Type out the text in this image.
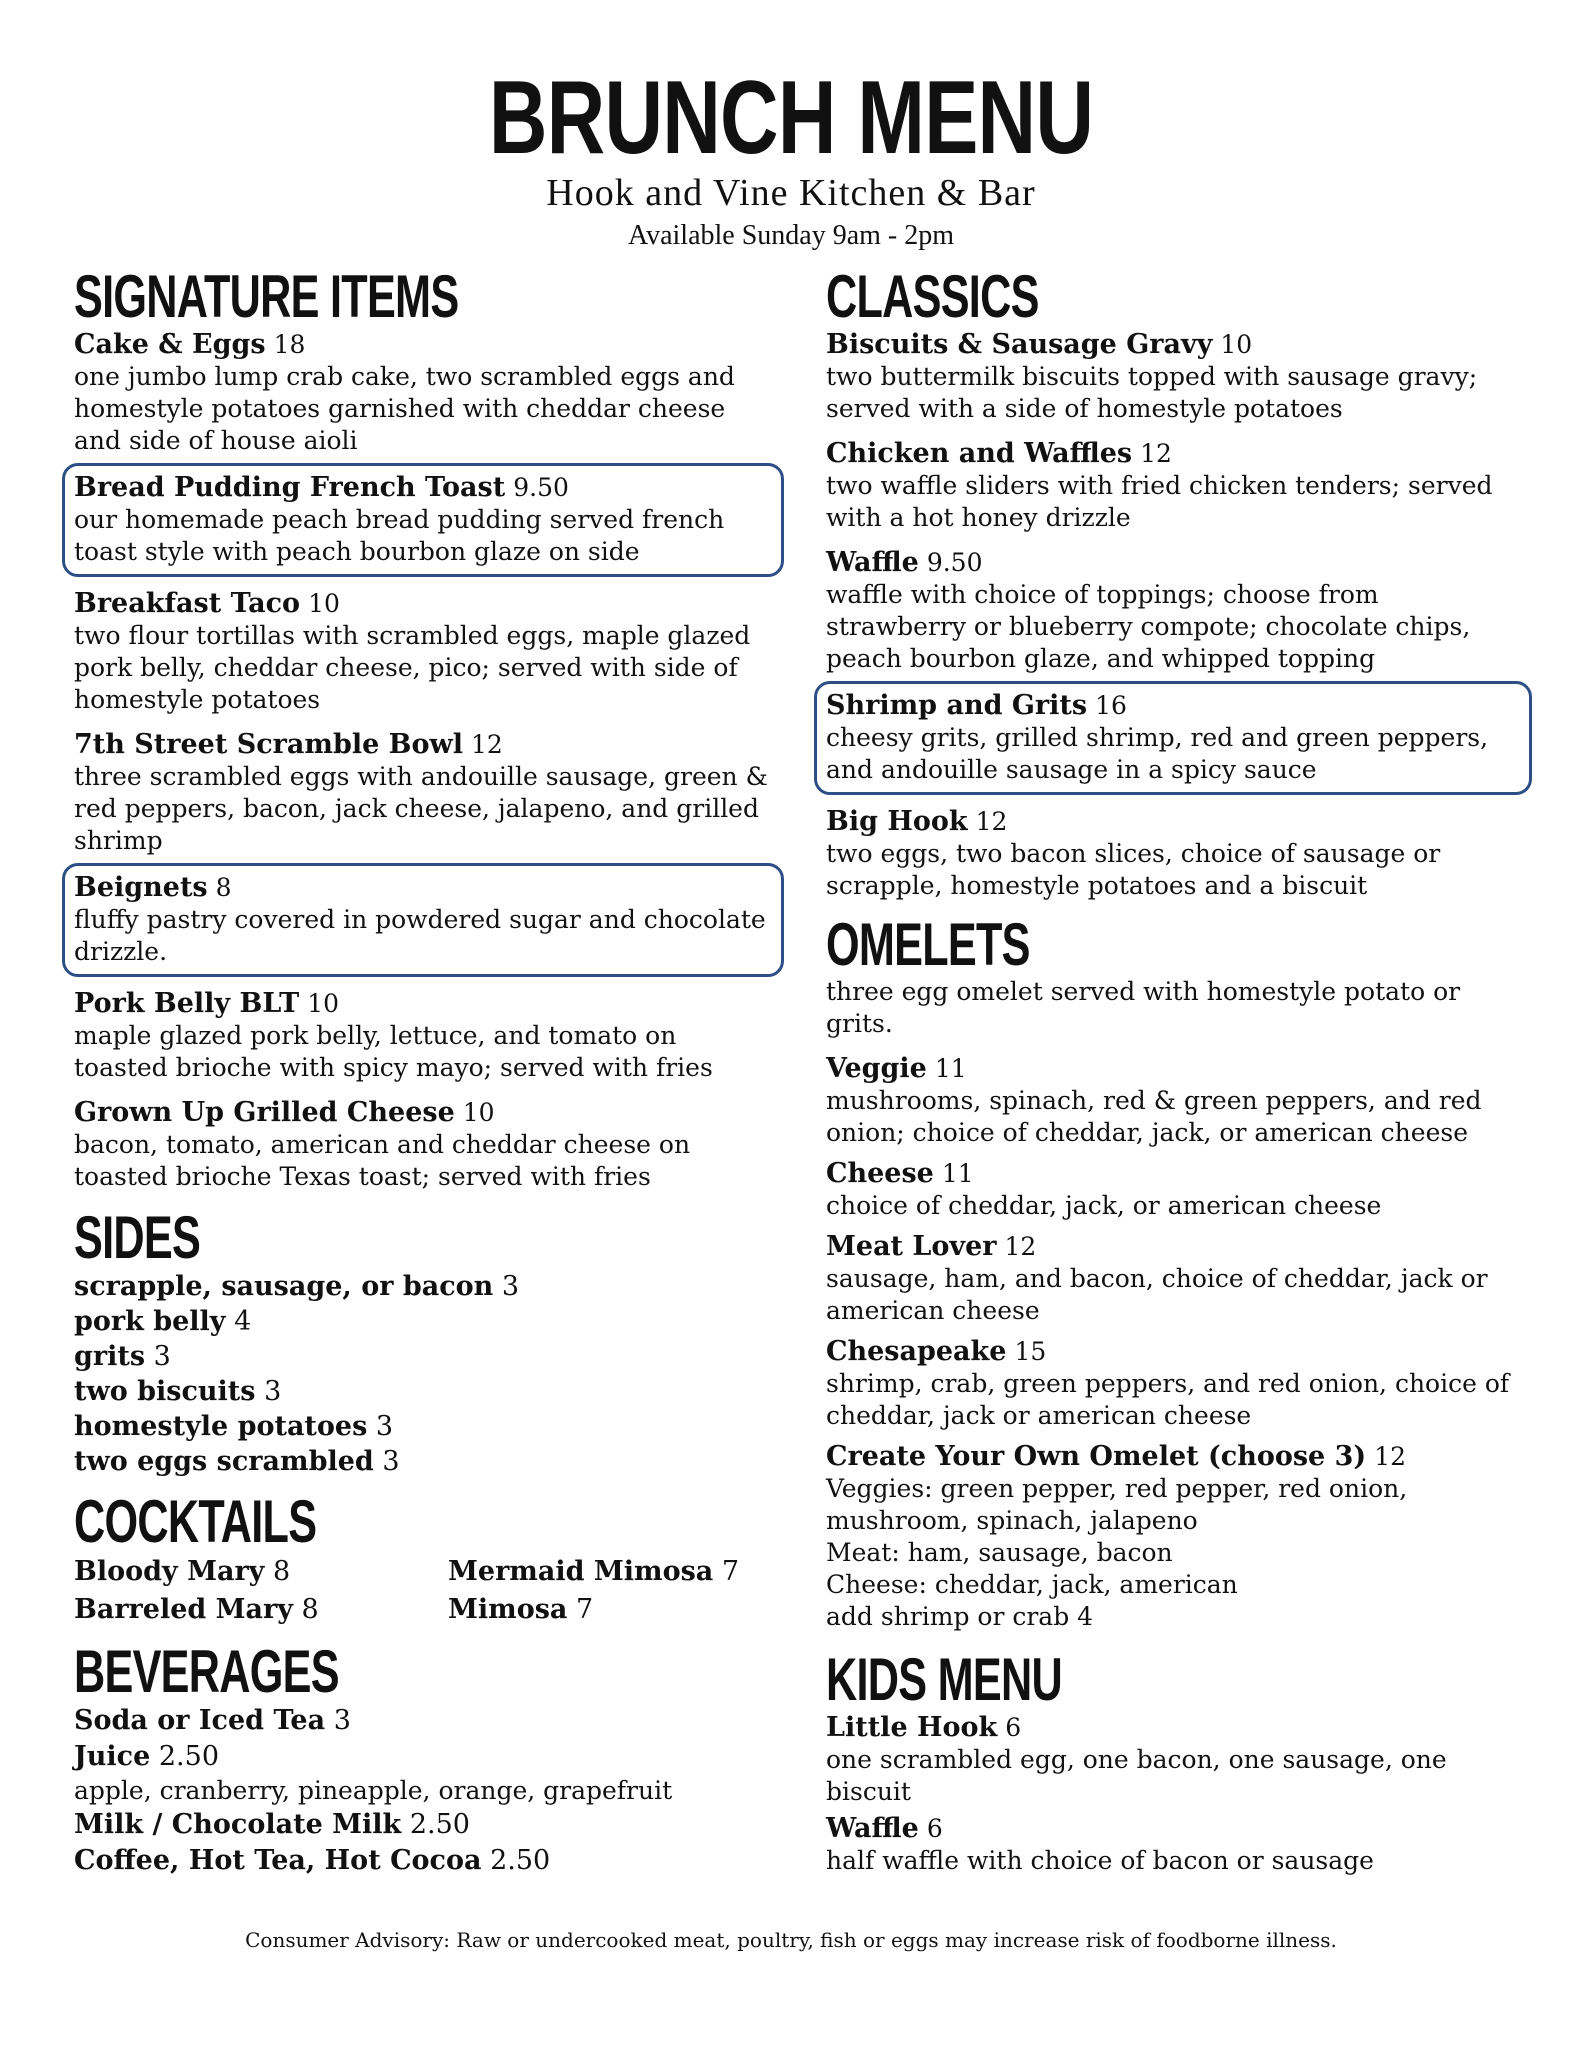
BRUNCH MENU
Hook and Vine Kitchen & Bar
Available Sunday 9am - 2pm
SIGNATURE ITEMS
Cake & Eggs 18
one jumbo lump crab cake, two scrambled eggs and homestyle potatoes garnished with cheddar cheese and side of house aioli
Bread Pudding French Toast 9.50
our homemade peach bread pudding served french toast style with peach bourbon glaze on side
Breakfast Taco 10
two flour tortillas with scrambled eggs, maple glazed pork belly, cheddar cheese, pico; served with side of homestyle potatoes
7th Street Scramble Bowl 12
three scrambled eggs with andouille sausage, green & red peppers, bacon, jack cheese, jalapeno, and grilled shrimp
Beignets 8
fluffy pastry covered in powdered sugar and chocolate drizzle.
Pork Belly BLT 10
maple glazed pork belly, lettuce, and tomato on toasted brioche with spicy mayo; served with fries
Grown Up Grilled Cheese 10
bacon, tomato, american and cheddar cheese on toasted brioche Texas toast; served with fries
SIDES
scrapple, sausage, or bacon 3
pork belly 4
grits 3
two biscuits 3
homestyle potatoes 3
two eggs scrambled 3
COCKTAILS
Bloody Mary 8	Mermaid Mimosa 7
Barreled Mary 8	Mimosa 7
BEVERAGES
Soda or Iced Tea 3
Juice 2.50
apple, cranberry, pineapple, orange, grapefruit
Milk / Chocolate Milk 2.50
Coffee, Hot Tea, Hot Cocoa 2.50
CLASSICS
Biscuits & Sausage Gravy 10
two buttermilk biscuits topped with sausage gravy; served with a side of homestyle potatoes
Chicken and Waffles 12
two waffle sliders with fried chicken tenders; served with a hot honey drizzle
Waffle 9.50
waffle with choice of toppings; choose from strawberry or blueberry compote; chocolate chips, peach bourbon glaze, and whipped topping
Shrimp and Grits 16
cheesy grits, grilled shrimp, red and green peppers, and andouille sausage in a spicy sauce
Big Hook 12
two eggs, two bacon slices, choice of sausage or scrapple, homestyle potatoes and a biscuit
OMELETS
three egg omelet served with homestyle potato or grits.
Veggie 11
mushrooms, spinach, red & green peppers, and red onion; choice of cheddar, jack, or american cheese
Cheese 11
choice of cheddar, jack, or american cheese
Meat Lover 12
sausage, ham, and bacon, choice of cheddar, jack or american cheese
Chesapeake 15
shrimp, crab, green peppers, and red onion, choice of cheddar, jack or american cheese
Create Your Own Omelet (choose 3) 12
Veggies: green pepper, red pepper, red onion, mushroom, spinach, jalapeno
Meat: ham, sausage, bacon
Cheese: cheddar, jack, american
add shrimp or crab 4
KIDS MENU
Little Hook 6
one scrambled egg, one bacon, one sausage, one biscuit
Waffle 6
half waffle with choice of bacon or sausage

Consumer Advisory: Raw or undercooked meat, poultry, fish or eggs may increase risk of foodborne illness.
